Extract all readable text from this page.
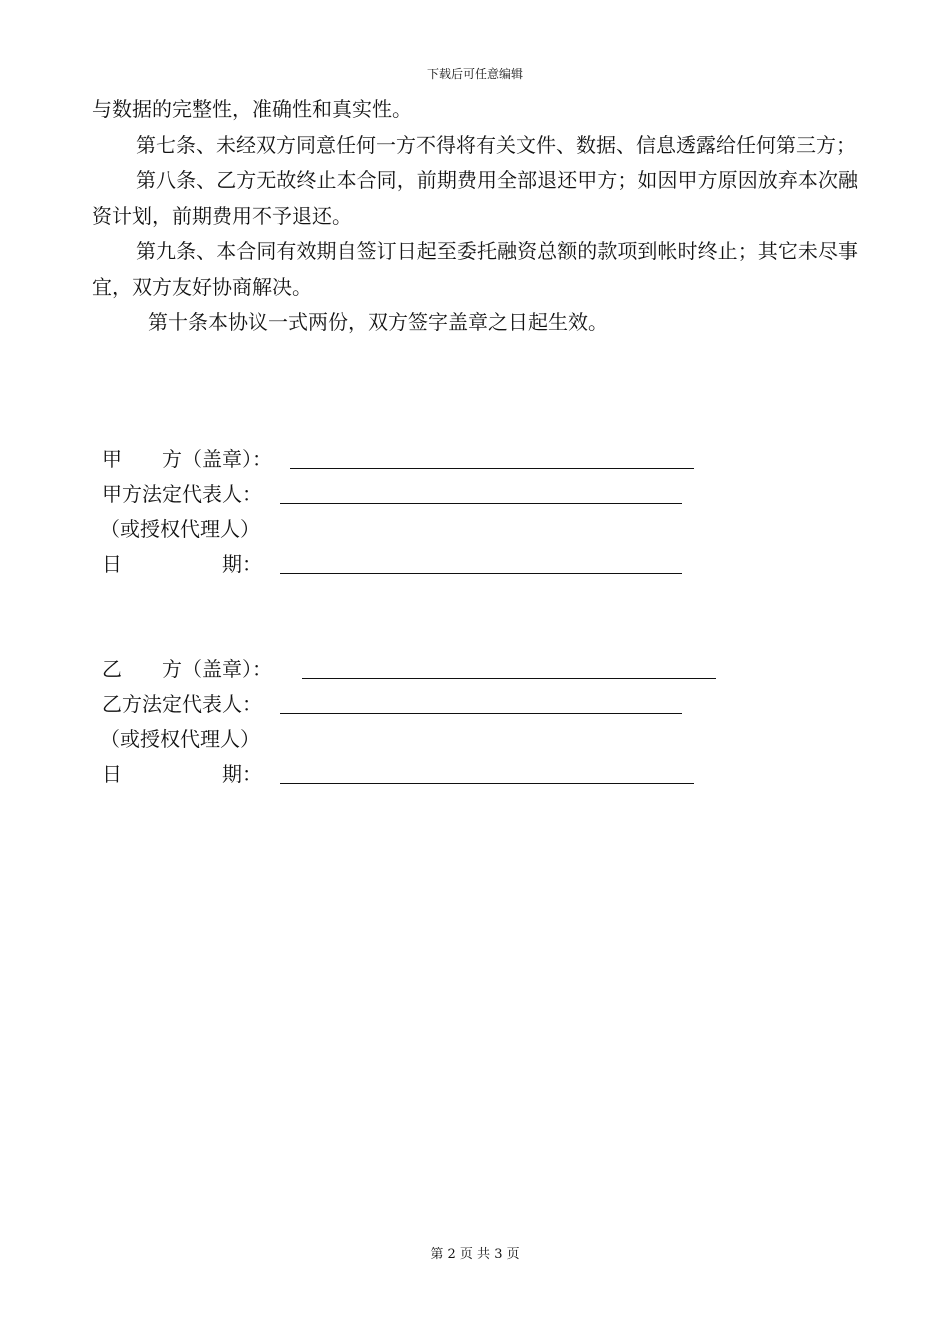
下载后可任意编辑

与数据的完整性，准确性和真实性。

第七条、未经双方同意任何一方不得将有关文件、数据、信息透露给任何第三方；

第八条、乙方无故终止本合同，前期费用全部退还甲方；如因甲方原因放弃本次融资计划，前期费用不予退还。

第九条、本合同有效期自签订日起至委托融资总额的款项到帐时终止；其它未尽事宜，双方友好协商解决。

第十条本协议一式两份，双方签字盖章之日起生效。

甲　　方（盖章）：
甲方法定代表人：
（或授权代理人）
日　　　　　期：
乙　　方（盖章）：
乙方法定代表人：
（或授权代理人）
日　　　　　期：
第 2 页 共 3 页
